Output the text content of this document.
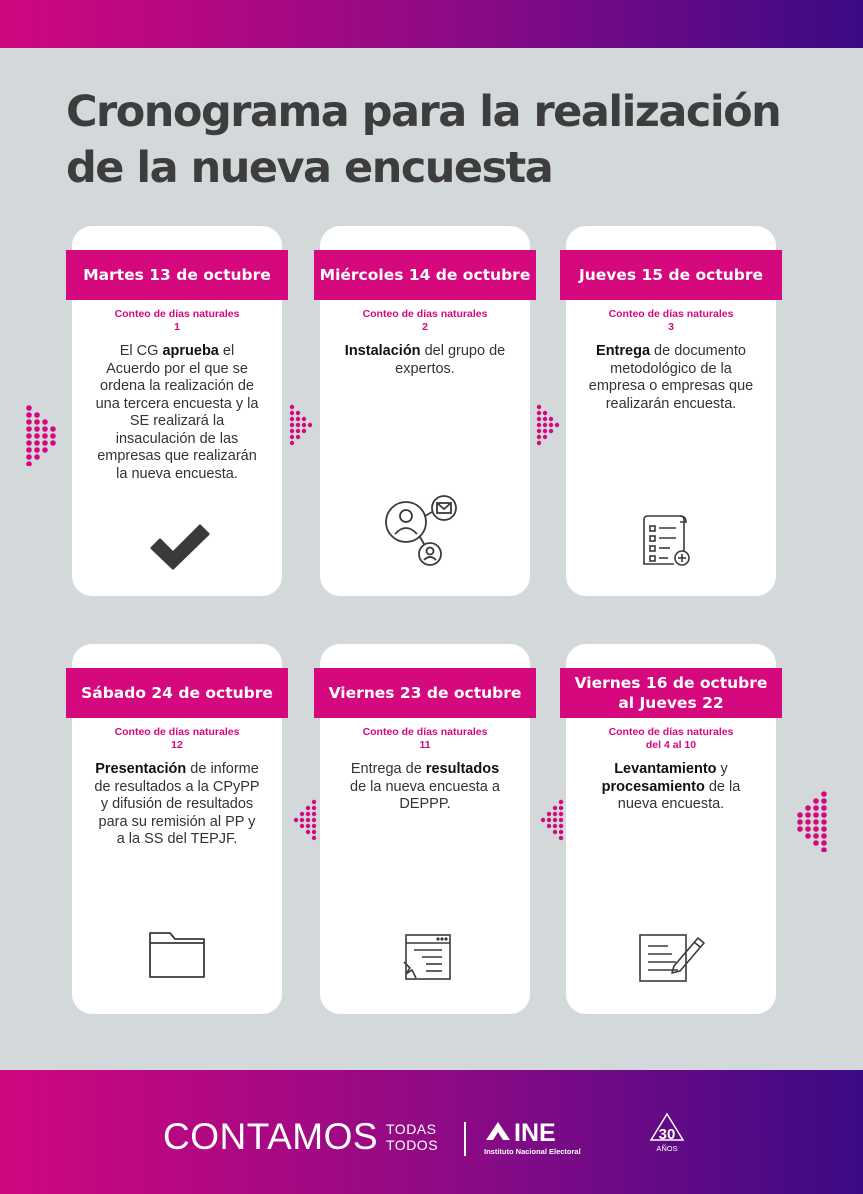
Cronograma para la realización
de la nueva encuesta
Martes 13 de octubre
Conteo de días naturales
1
El CG aprueba el Acuerdo por el que se ordena la realización de una tercera encuesta y la SE realizará la insaculación de las empresas que realizarán la nueva encuesta.
Miércoles 14 de octubre
Conteo de días naturales
2
Instalación del grupo de expertos.
Jueves 15 de octubre
Conteo de días naturales
3
Entrega de documento metodológico de la empresa o empresas que realizarán encuesta.
Sábado 24 de octubre
Conteo de días naturales
12
Presentación de informe de resultados a la CPyPP y difusión de resultados para su remisión al PP y a la SS del TEPJF.
Viernes 23 de octubre
Conteo de días naturales
11
Entrega de resultados de la nueva encuesta a DEPPP.
Viernes 16 de octubre al Jueves 22
Conteo de días naturales
del 4 al 10
Levantamiento y procesamiento de la nueva encuesta.
CONTAMOS TODAS
TODOS	INE
Instituto Nacional Electoral
30
AÑOS
